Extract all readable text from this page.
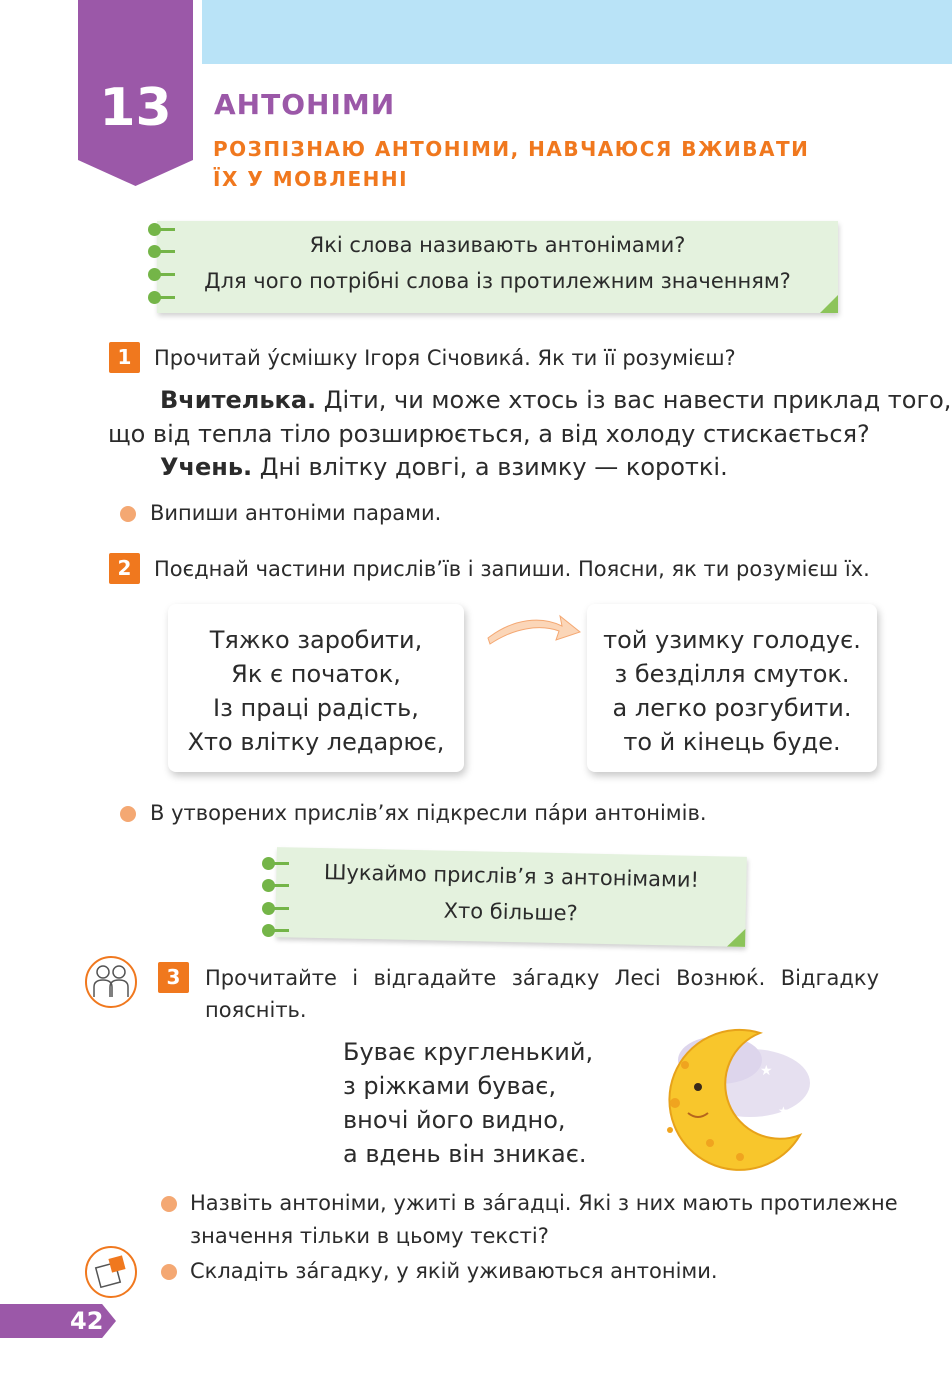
13	АНТОНІМИ
РОЗПІЗНАЮ АНТОНІМИ, НАВЧАЮСЯ ВЖИВАТИ ЇХ У МОВЛЕННІ
Які слова називають антонімами?
Для чого потрібні слова із протилежним значенням?
1	Прочитай у́смішку Ігоря Січовика́. Як ти її розумієш?
Вчителька. Діти, чи може хтось із вас навести приклад того,
що від тепла тіло розширюється, а від холоду стискається?
Учень. Дні влітку довгі, а взимку — короткі.
Випиши антоніми парами.
2	Поєднай частини прислів’їв і запиши. Поясни, як ти розумієш їх.
Тяжко заробити,
Як є початок,
Із праці радість,
Хто влітку ледарює,
той узимку голодує.
з безділля смуток.
а легко розгубити.
то й кінець буде.
В утворених прислів’ях підкресли па́ри антонімів.
Шукаймо прислів’я з антонімами!
Хто більше?
3	Прочитайте і відгадайте за́гадку Лесі Вознюќ. Відгадку
поясніть.
Буває кругленький,
з ріжками буває,
вночі його видно,
а вдень він зникає.
★
★
Назвіть антоніми, ужиті в за́гадці. Які з них мають протилежне
значення тільки в цьому тексті?
Складіть за́гадку, у якій уживаються антоніми.
42
